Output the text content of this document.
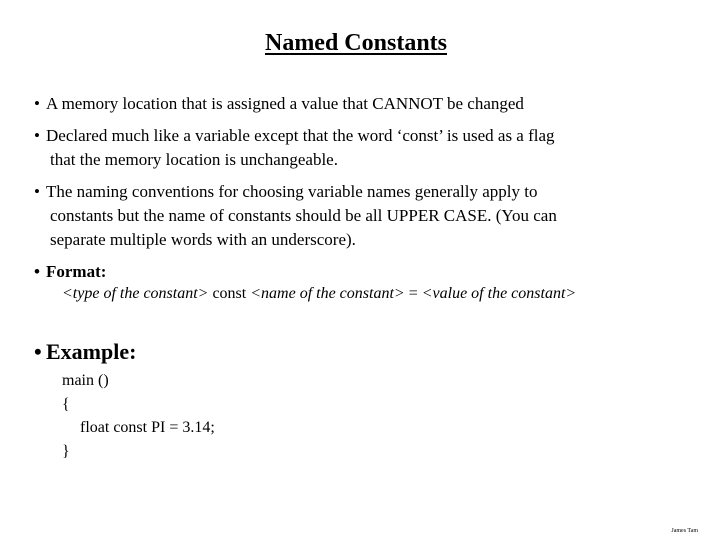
Named Constants
• A memory location that is assigned a value that CANNOT be changed
• Declared much like a variable except that the word ‘const’ is used as a flag
that the memory location is unchangeable.
• The naming conventions for choosing variable names generally apply to
constants but the name of constants should be all UPPER CASE. (You can
separate multiple words with an underscore).
• Format:
<type of the constant> const <name of the constant> = <value of the constant>
• Example:
main ()
{
float const PI = 3.14;
}
James Tam
